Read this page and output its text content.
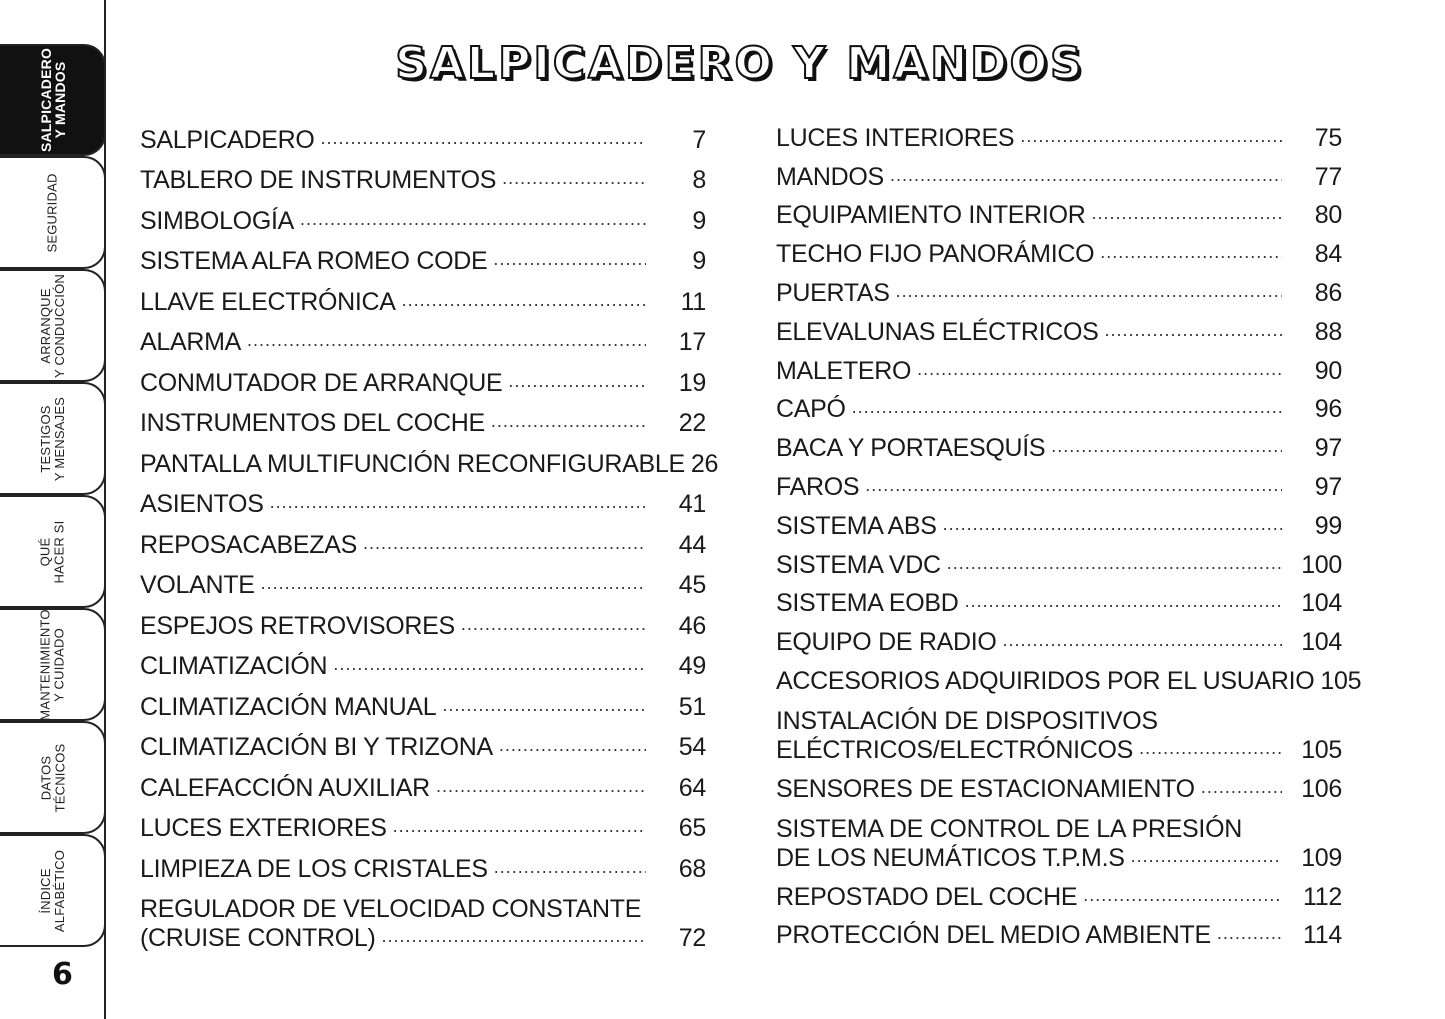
SALPICADERO
Y MANDOS
SEGURIDAD
ARRANQUE
Y CONDUCCIÓN
TESTIGOS
Y MENSAJES
QUÉ
HACER SI
MANTENIMIENTO
Y CUIDADO
DATOS
TÉCNICOS
ÍNDICE
ALFABÉTICO
6
SALPICADERO Y MANDOS
SALPICADERO .....	7
TABLERO DE INSTRUMENTOS .....	8
SIMBOLOGÍA .....	9
SISTEMA ALFA ROMEO CODE .....	9
LLAVE ELECTRÓNICA .....	11
ALARMA .....	17
CONMUTADOR DE ARRANQUE .....	19
INSTRUMENTOS DEL COCHE .....	22
PANTALLA MULTIFUNCIÓN RECONFIGURABLE 26
ASIENTOS .....	41
REPOSACABEZAS .....	44
VOLANTE .....	45
ESPEJOS RETROVISORES .....	46
CLIMATIZACIÓN .....	49
CLIMATIZACIÓN MANUAL .....	51
CLIMATIZACIÓN BI Y TRIZONA .....	54
CALEFACCIÓN AUXILIAR .....	64
LUCES EXTERIORES .....	65
LIMPIEZA DE LOS CRISTALES .....	68
REGULADOR DE VELOCIDAD CONSTANTE
(CRUISE CONTROL) .....	72
LUCES INTERIORES .....	75
MANDOS .....	77
EQUIPAMIENTO INTERIOR .....	80
TECHO FIJO PANORÁMICO .....	84
PUERTAS .....	86
ELEVALUNAS ELÉCTRICOS .....	88
MALETERO .....	90
CAPÓ .....	96
BACA Y PORTAESQUÍS .....	97
FAROS .....	97
SISTEMA ABS .....	99
SISTEMA VDC .....	100
SISTEMA EOBD .....	104
EQUIPO DE RADIO .....	104
ACCESORIOS ADQUIRIDOS POR EL USUARIO 105
INSTALACIÓN DE DISPOSITIVOS
ELÉCTRICOS/ELECTRÓNICOS .....	105
SENSORES DE ESTACIONAMIENTO .....	106
SISTEMA DE CONTROL DE LA PRESIÓN
DE LOS NEUMÁTICOS T.P.M.S .....	109
REPOSTADO DEL COCHE .....	112
PROTECCIÓN DEL MEDIO AMBIENTE .....	114
